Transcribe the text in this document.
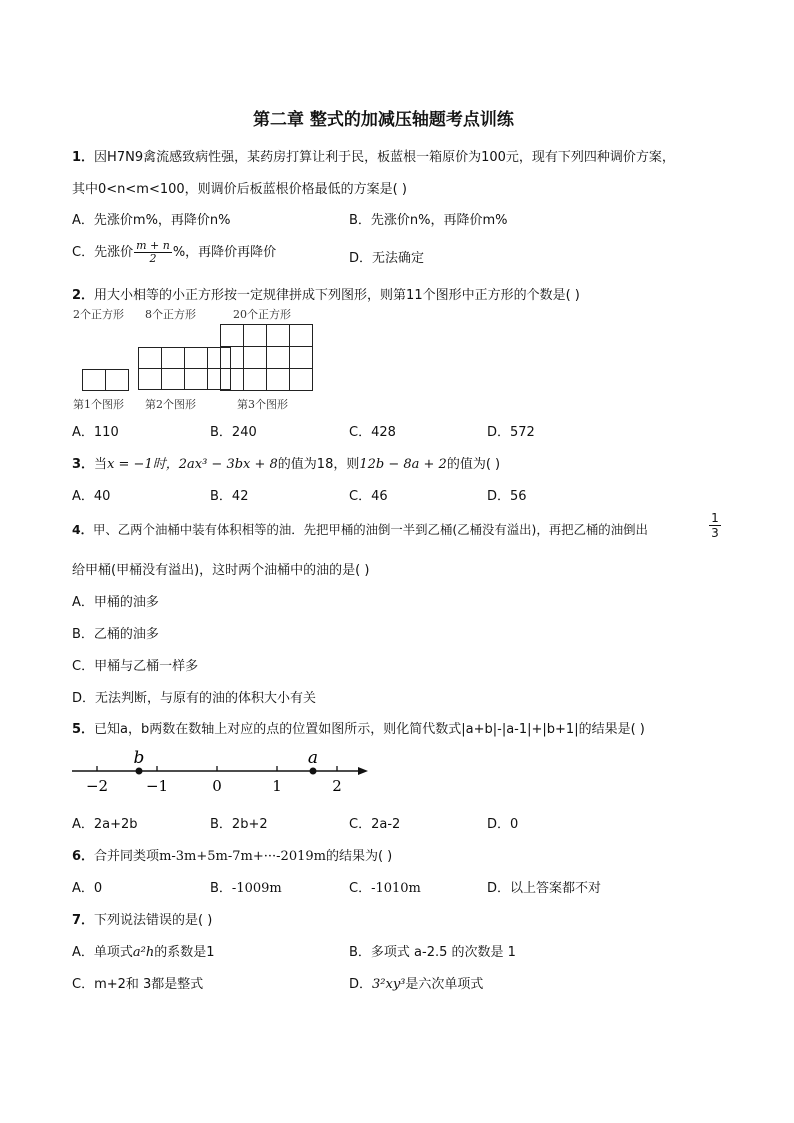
第二章 整式的加减压轴题考点训练
1．因H7N9禽流感致病性强，某药房打算让利于民，板蓝根一箱原价为100元，现有下列四种调价方案，
其中0<n<m<100，则调价后板蓝根价格最低的方案是( )
A．先涨价m%，再降价n%	B．先涨价n%，再降价m%
C．先涨价 $\frac{m + n}{2}$ %，再降价再降价	D．无法确定
2．用大小相等的小正方形按一定规律拼成下列图形，则第11个图形中正方形的个数是( )
2个正方形 8个正方形	20个正方形

第1个图形 第2个图形	第3个图形
A．110	B．240	C．428	D．572
3．当x = −1时，2ax³ − 3bx + 8的值为18，则12b − 8a + 2的值为( )
A．40	B．42	C．46	D．56
4．甲、乙两个油桶中装有体积相等的油．先把甲桶的油倒一半到乙桶(乙桶没有溢出)，再把乙桶的油倒出	$\frac{1}{3}$
给甲桶(甲桶没有溢出)，这时两个油桶中的油的是( )
A．甲桶的油多
B．乙桶的油多
C．甲桶与乙桶一样多
D．无法判断，与原有的油的体积大小有关
5．已知a，b两数在数轴上对应的点的位置如图所示，则化简代数式|a+b|-|a-1|+|b+1|的结果是( )
−2	−1	0	1	2
b	a
A．2a+2b	B．2b+2	C．2a-2	D．0
6．合并同类项m-3m+5m-7m+···-2019m的结果为( )
A．0	B．-1009m	C．-1010m	D．以上答案都不对
7．下列说法错误的是( )
A．单项式a²h的系数是1	B．多项式 a-2.5 的次数是 1
C．m+2和 3都是整式	D．3²xy³是六次单项式
